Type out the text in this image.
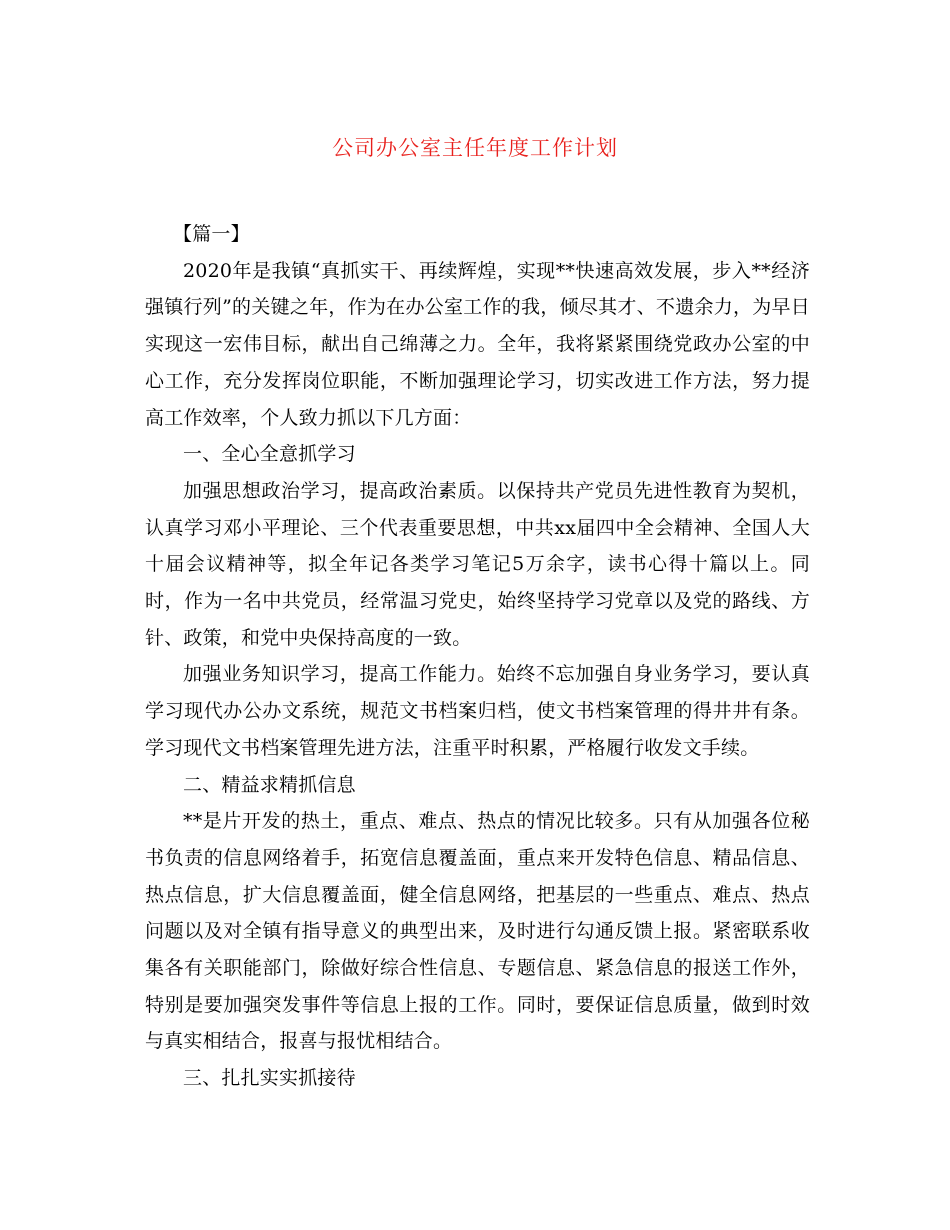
公司办公室主任年度工作计划

【篇一】

2020年是我镇“真抓实干、再续辉煌，实现**快速高效发展，步入**经济强镇行列”的关键之年，作为在办公室工作的我，倾尽其才、不遗余力，为早日实现这一宏伟目标，献出自己绵薄之力。全年，我将紧紧围绕党政办公室的中心工作，充分发挥岗位职能，不断加强理论学习，切实改进工作方法，努力提高工作效率，个人致力抓以下几方面：

一、全心全意抓学习

加强思想政治学习，提高政治素质。以保持共产党员先进性教育为契机，认真学习邓小平理论、三个代表重要思想，中共xx届四中全会精神、全国人大十届会议精神等，拟全年记各类学习笔记5万余字，读书心得十篇以上。同时，作为一名中共党员，经常温习党史，始终坚持学习党章以及党的路线、方针、政策，和党中央保持高度的一致。

加强业务知识学习，提高工作能力。始终不忘加强自身业务学习，要认真学习现代办公办文系统，规范文书档案归档，使文书档案管理的得井井有条。学习现代文书档案管理先进方法，注重平时积累，严格履行收发文手续。

二、精益求精抓信息

**是片开发的热土，重点、难点、热点的情况比较多。只有从加强各位秘书负责的信息网络着手，拓宽信息覆盖面，重点来开发特色信息、精品信息、热点信息，扩大信息覆盖面，健全信息网络，把基层的一些重点、难点、热点问题以及对全镇有指导意义的典型出来，及时进行勾通反馈上报。紧密联系收集各有关职能部门，除做好综合性信息、专题信息、紧急信息的报送工作外，特别是要加强突发事件等信息上报的工作。同时，要保证信息质量，做到时效与真实相结合，报喜与报忧相结合。

三、扎扎实实抓接待
